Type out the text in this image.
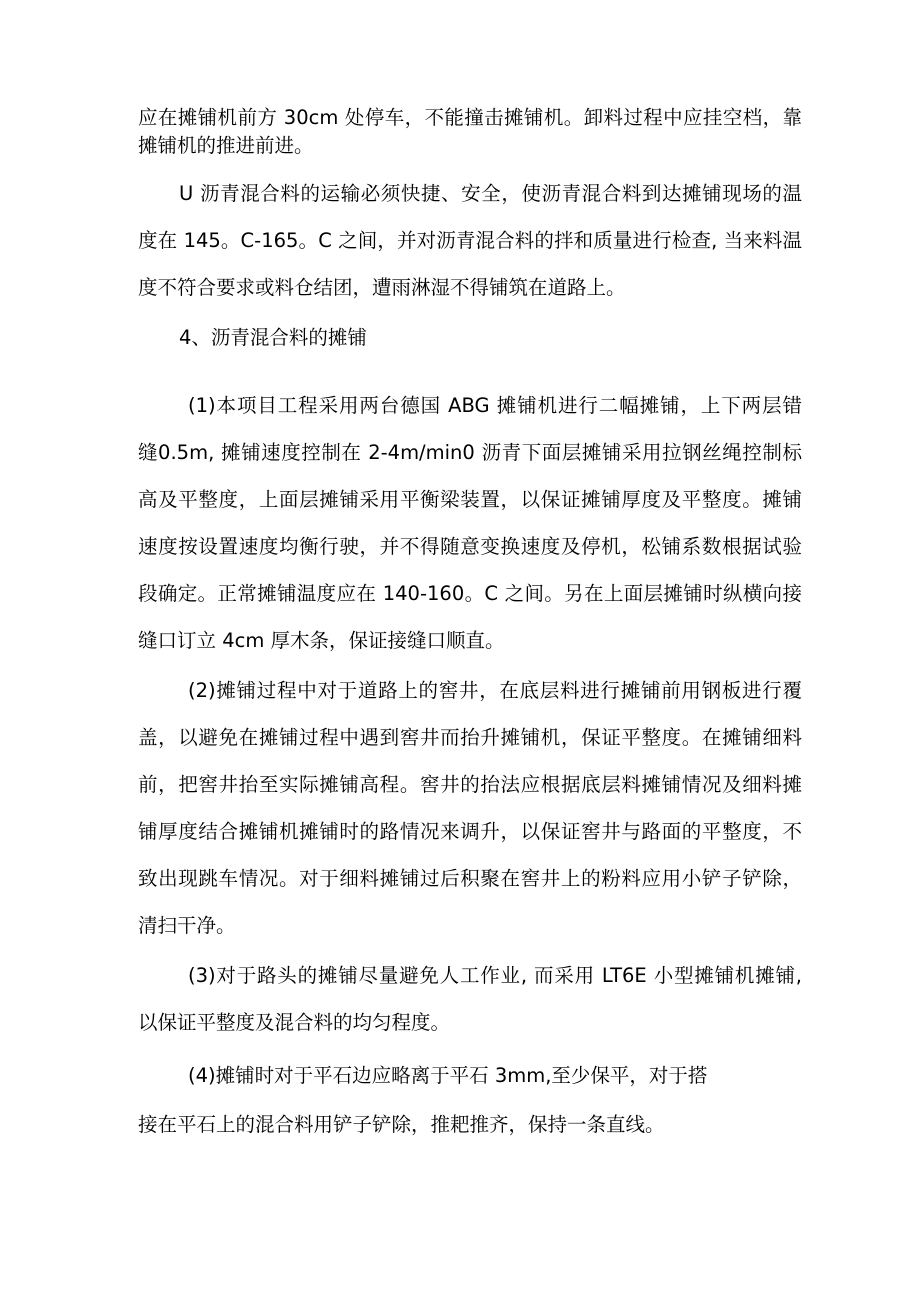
应在摊铺机前方 30cm 处停车，不能撞击摊铺机。卸料过程中应挂空档，靠
摊铺机的推进前进。
U 沥青混合料的运输必须快捷、安全，使沥青混合料到达摊铺现场的温
度在 145。C-165。C 之间，并对沥青混合料的拌和质量进行检查, 当来料温
度不符合要求或料仓结团，遭雨淋湿不得铺筑在道路上。
4、沥青混合料的摊铺
(1)本项目工程采用两台德国 ABG 摊铺机进行二幅摊铺，上下两层错
缝0.5m, 摊铺速度控制在 2-4m/min0 沥青下面层摊铺采用拉钢丝绳控制标
高及平整度，上面层摊铺采用平衡梁装置，以保证摊铺厚度及平整度。摊铺
速度按设置速度均衡行驶，并不得随意变换速度及停机，松铺系数根据试验
段确定。正常摊铺温度应在 140-160。C 之间。另在上面层摊铺时纵横向接
缝口订立 4cm 厚木条，保证接缝口顺直。
(2)摊铺过程中对于道路上的窖井，在底层料进行摊铺前用钢板进行覆
盖，以避免在摊铺过程中遇到窖井而抬升摊铺机，保证平整度。在摊铺细料
前，把窖井抬至实际摊铺高程。窖井的抬法应根据底层料摊铺情况及细料摊
铺厚度结合摊铺机摊铺时的路情况来调升，以保证窖井与路面的平整度，不
致出现跳车情况。对于细料摊铺过后积聚在窖井上的粉料应用小铲子铲除，
清扫干净。
(3)对于路头的摊铺尽量避免人工作业, 而采用 LT6E 小型摊铺机摊铺,
以保证平整度及混合料的均匀程度。
(4)摊铺时对于平石边应略离于平石 3mm,至少保平，对于搭
接在平石上的混合料用铲子铲除，推耙推齐，保持一条直线。
